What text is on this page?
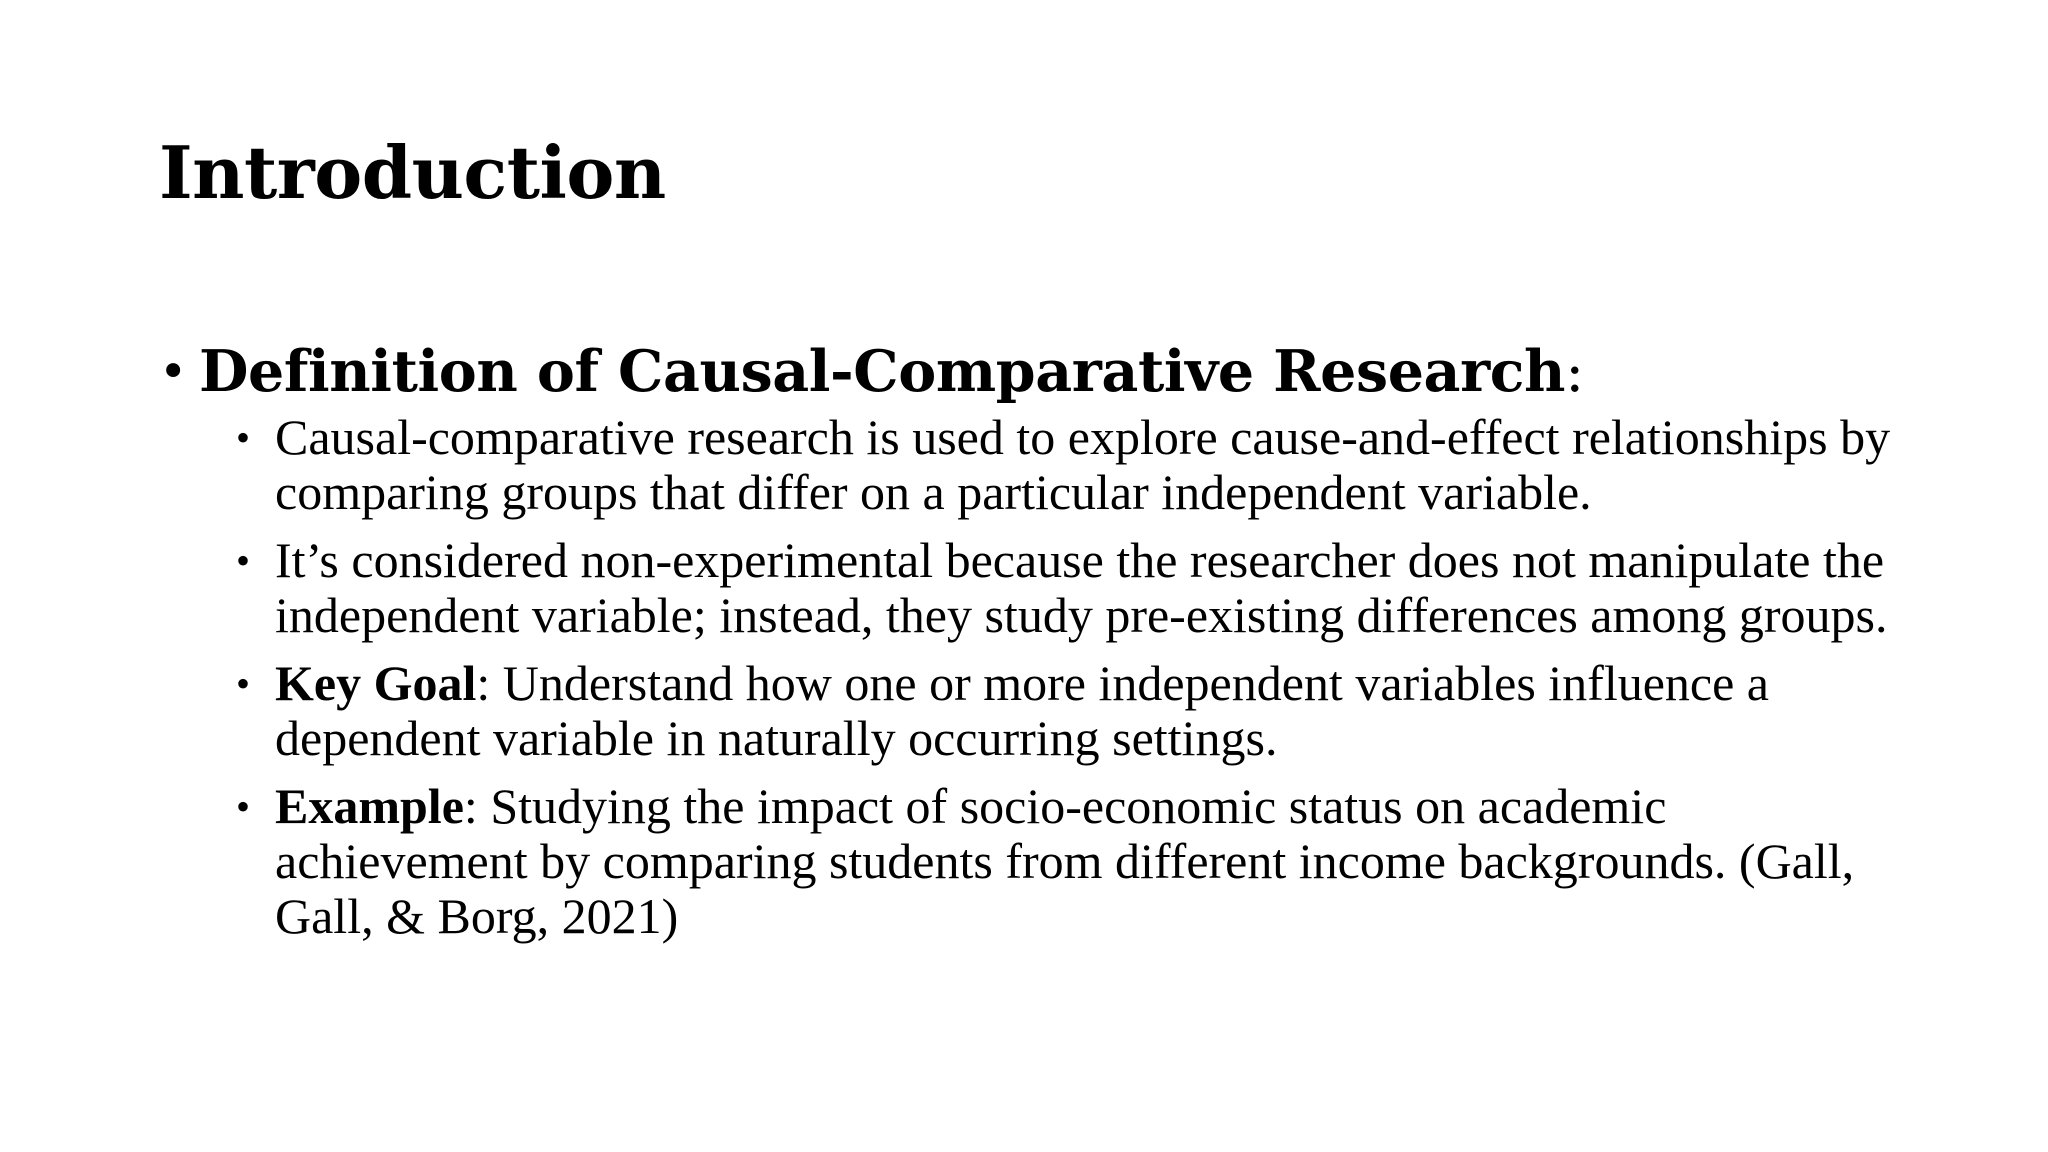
Introduction
• Definition of Causal-Comparative Research:
• Causal-comparative research is used to explore cause-and-effect relationships by comparing groups that differ on a particular independent variable.
• It’s considered non-experimental because the researcher does not manipulate the independent variable; instead, they study pre-existing differences among groups.
• Key Goal: Understand how one or more independent variables influence a dependent variable in naturally occurring settings.
• Example: Studying the impact of socio-economic status on academic achievement by comparing students from different income backgrounds. (Gall, Gall, & Borg, 2021)
